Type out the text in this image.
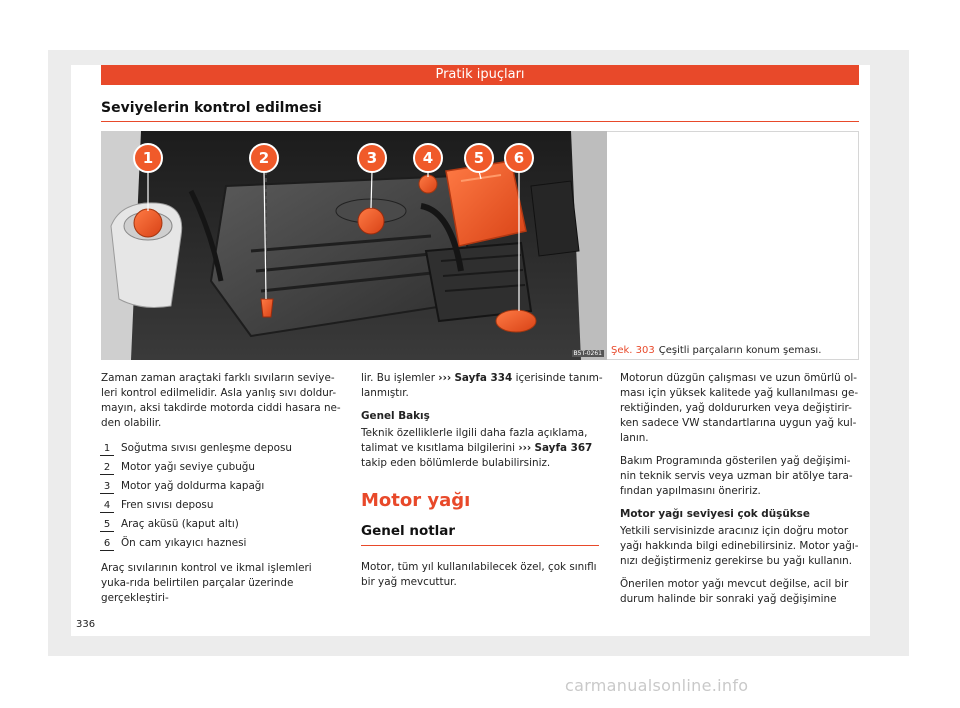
Pratik ipuçları
Seviyelerin kontrol edilmesi
1	2	3	4	5 6
B5T-0261 Şek. 303 Çeşitli parçaların konum şeması.

Zaman zaman araçtaki farklı sıvıların seviye-leri kontrol edilmelidir. Asla yanlış sıvı doldur-mayın, aksi takdirde motorda ciddi hasara ne-den olabilir.

1 Soğutma sıvısı genleşme deposu
2 Motor yağı seviye çubuğu
3 Motor yağ doldurma kapağı
4 Fren sıvısı deposu
5 Araç aküsü (kaput altı)
6 Ön cam yıkayıcı haznesi

Araç sıvılarının kontrol ve ikmal işlemleri yuka-rıda belirtilen parçalar üzerinde gerçekleştiri-

lir. Bu işlemler ››› Sayfa 334 içerisinde tanım-lanmıştır.

Genel Bakış

Teknik özelliklerle ilgili daha fazla açıklama, talimat ve kısıtlama bilgilerini ››› Sayfa 367 takip eden bölümlerde bulabilirsiniz.

Motor yağı
Genel notlar

Motor, tüm yıl kullanılabilecek özel, çok sınıflı bir yağ mevcuttur.

Motorun düzgün çalışması ve uzun ömürlü ol-ması için yüksek kalitede yağ kullanılması ge-rektiğinden, yağ doldururken veya değiştirir-ken sadece VW standartlarına uygun yağ kul-lanın.

Bakım Programında gösterilen yağ değişimi-nin teknik servis veya uzman bir atölye tara-fından yapılmasını öneririz.

Motor yağı seviyesi çok düşükse

Yetkili servisinizde aracınız için doğru motor yağı hakkında bilgi edinebilirsiniz. Motor yağı-nızı değiştirmeniz gerekirse bu yağı kullanın.

Önerilen motor yağı mevcut değilse, acil bir durum halinde bir sonraki yağ değişimine

336
carmanualsonline.info
